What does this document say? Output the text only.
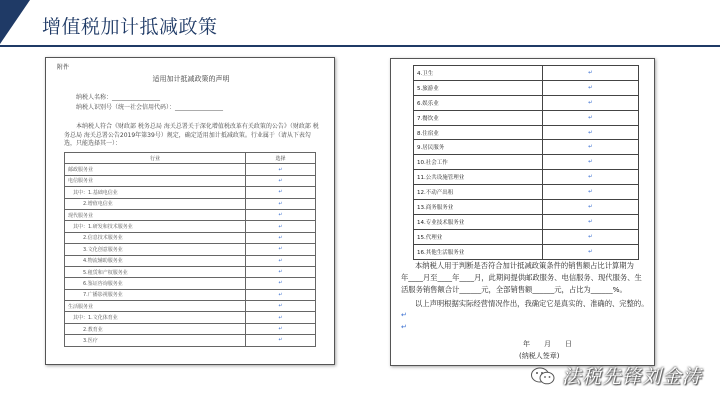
增值税加计抵减政策
附件
适用加计抵减政策的声明
纳税人名称：________________
纳税人识别号（统一社会信用代码）：________________
本纳税人符合《财政部 税务总局 海关总署关于深化增值税改革有关政策的公告》（财政部 税务总局 海关总署公告2019年第39号）规定，确定适用加计抵减政策。行业属于（请从下表勾选，只能选择其一）：
行业	选择
邮政服务业	↵
电信服务业	↵
其中：1.基础电信业	↵
2.增值电信业	↵
现代服务业	↵
其中：1.研发和技术服务业	↵
2.信息技术服务业	↵
3.文化创意服务业	↵
4.物流辅助服务业	↵
5.租赁和产权服务业	↵
6.鉴证咨询服务业	↵
7.广播影视服务业	↵
生活服务业	↵
其中：1.文化体育业	↵
2.教育业	↵
3.医疗	↵
4.卫生	↵
5.旅游业	↵
6.娱乐业	↵
7.餐饮业	↵
8.住宿业	↵
9.居民服务	↵
10.社会工作	↵
11.公共设施管理业	↵
12.不动产出租	↵
13.商务服务业	↵
14.专业技术服务业	↵
15.代理业	↵
16.其他生活服务业	↵
本纳税人用于判断是否符合加计抵减政策条件的销售额占比计算期为
年____月至____年____月，此期间提供邮政服务、电信服务、现代服务、生
活服务销售额合计______元，全部销售额______元，占比为______%。
以上声明根据实际经营情况作出，我确定它是真实的、准确的、完整的。
↵
↵
年　　月　　日
(纳税人签章)
法税先锋刘金涛
